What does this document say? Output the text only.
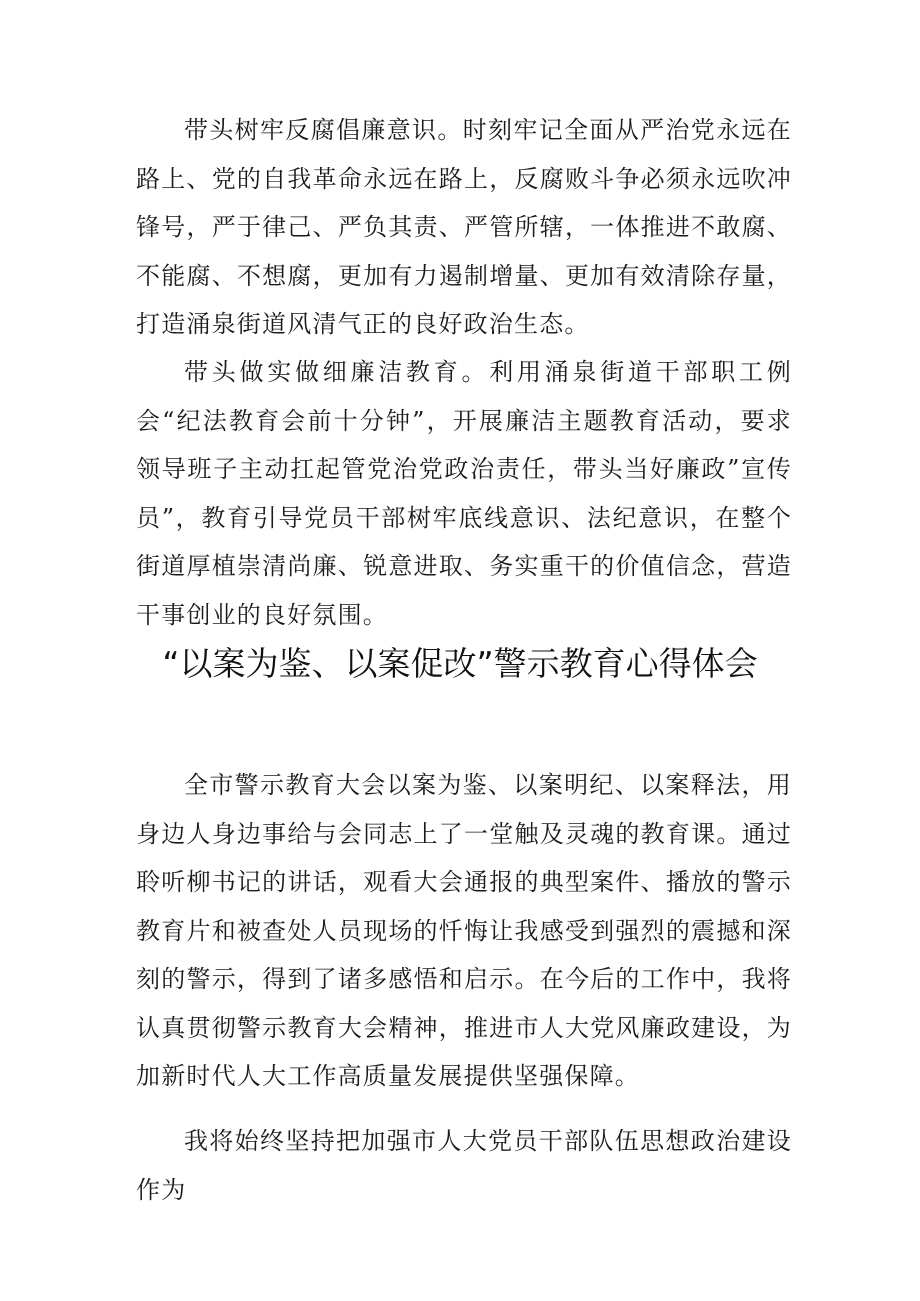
带头树牢反腐倡廉意识。时刻牢记全面从严治党永远在路上、党的自我革命永远在路上，反腐败斗争必须永远吹冲锋号，严于律己、严负其责、严管所辖，一体推进不敢腐、不能腐、不想腐，更加有力遏制增量、更加有效清除存量，打造涌泉街道风清气正的良好政治生态。

带头做实做细廉洁教育。利用涌泉街道干部职工例会“纪法教育会前十分钟”，开展廉洁主题教育活动，要求领导班子主动扛起管党治党政治责任，带头当好廉政”宣传员”，教育引导党员干部树牢底线意识、法纪意识，在整个街道厚植崇清尚廉、锐意进取、务实重干的价值信念，营造干事创业的良好氛围。

“以案为鉴、以案促改”警示教育心得体会

全市警示教育大会以案为鉴、以案明纪、以案释法，用身边人身边事给与会同志上了一堂触及灵魂的教育课。通过聆听柳书记的讲话，观看大会通报的典型案件、播放的警示教育片和被查处人员现场的忏悔让我感受到强烈的震撼和深刻的警示，得到了诸多感悟和启示。在今后的工作中，我将认真贯彻警示教育大会精神，推进市人大党风廉政建设，为加新时代人大工作高质量发展提供坚强保障。

我将始终坚持把加强市人大党员干部队伍思想政治建设作为
